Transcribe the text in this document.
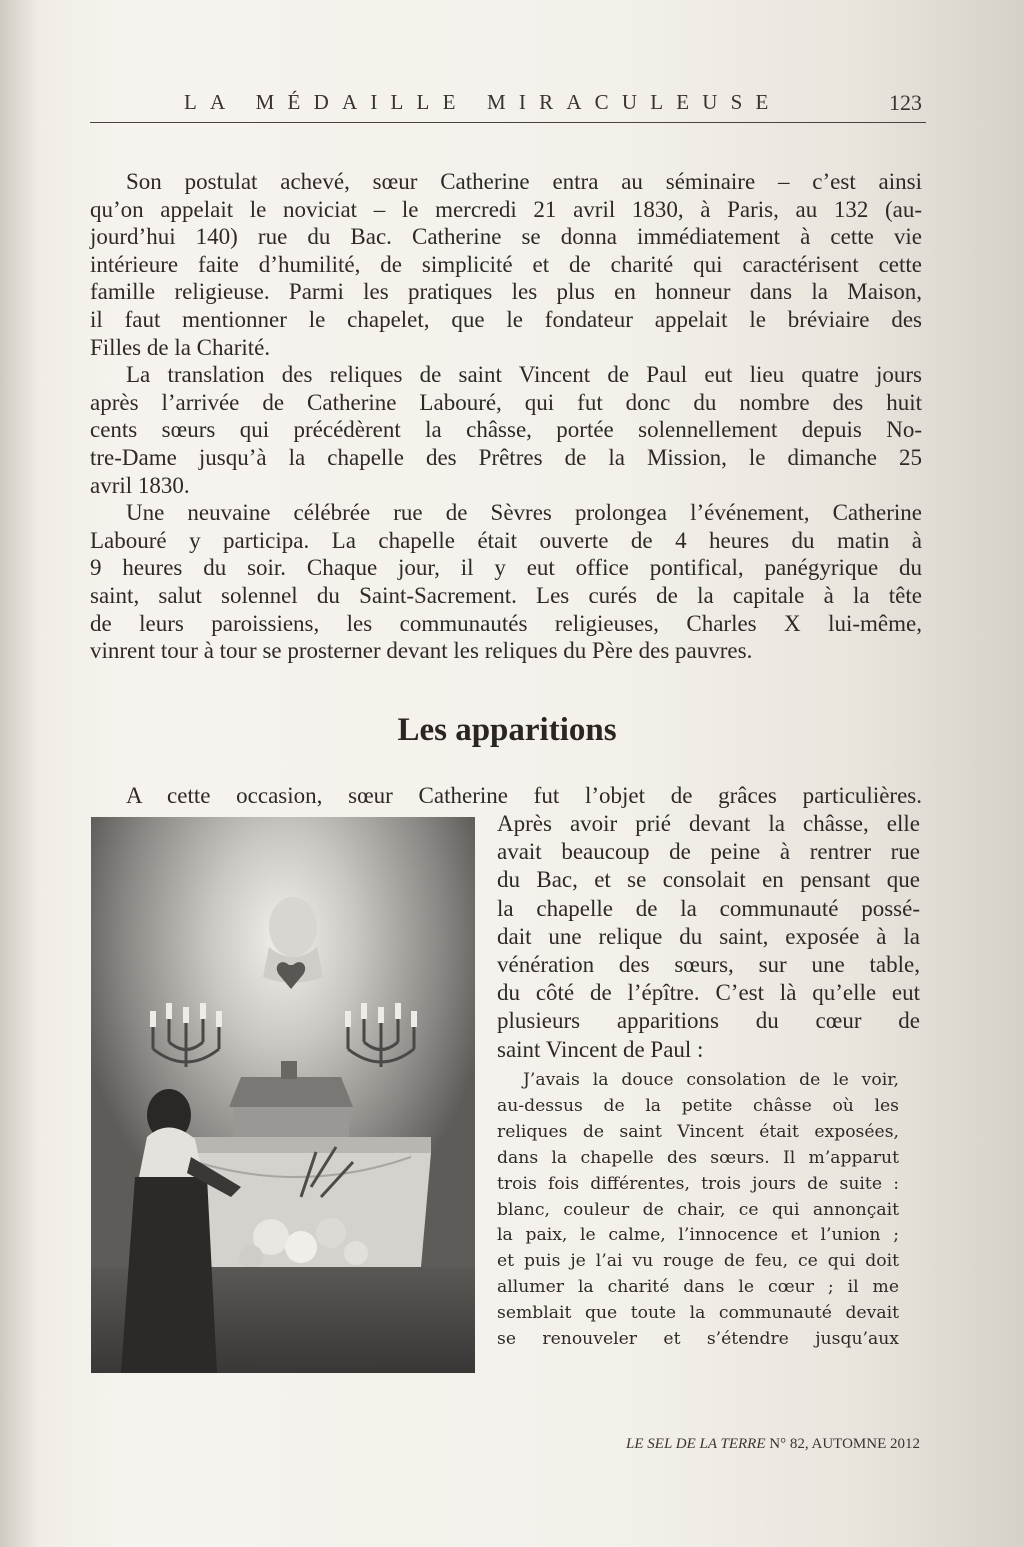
LA MÉDAILLE MIRACULEUSE	123

Son postulat achevé, sœur Catherine entra au séminaire – c’est ainsi
qu’on appelait le noviciat – le mercredi 21 avril 1830, à Paris, au 132 (au-
jourd’hui 140) rue du Bac. Catherine se donna immédiatement à cette vie
intérieure faite d’humilité, de simplicité et de charité qui caractérisent cette
famille religieuse. Parmi les pratiques les plus en honneur dans la Maison,
il faut mentionner le chapelet, que le fondateur appelait le bréviaire des
Filles de la Charité.

La translation des reliques de saint Vincent de Paul eut lieu quatre jours
après l’arrivée de Catherine Labouré, qui fut donc du nombre des huit
cents sœurs qui précédèrent la châsse, portée solennellement depuis No-
tre-Dame jusqu’à la chapelle des Prêtres de la Mission, le dimanche 25
avril 1830.

Une neuvaine célébrée rue de Sèvres prolongea l’événement, Catherine
Labouré y participa. La chapelle était ouverte de 4 heures du matin à
9 heures du soir. Chaque jour, il y eut office pontifical, panégyrique du
saint, salut solennel du Saint-Sacrement. Les curés de la capitale à la tête
de leurs paroissiens, les communautés religieuses, Charles X lui-même,
vinrent tour à tour se prosterner devant les reliques du Père des pauvres.

Les apparitions
A cette occasion, sœur Catherine fut l’objet de grâces particulières.
Après avoir prié devant la châsse, elle
avait beaucoup de peine à rentrer rue
du Bac, et se consolait en pensant que
la chapelle de la communauté possé-
dait une relique du saint, exposée à la
vénération des sœurs, sur une table,
du côté de l’épître. C’est là qu’elle eut
plusieurs apparitions du cœur de
saint Vincent de Paul :
J’avais la douce consolation de le voir,
au-dessus de la petite châsse où les
reliques de saint Vincent était exposées,
dans la chapelle des sœurs. Il m’apparut
trois fois différentes, trois jours de suite :
blanc, couleur de chair, ce qui annonçait
la paix, le calme, l’innocence et l’union ;
et puis je l’ai vu rouge de feu, ce qui doit
allumer la charité dans le cœur ; il me
semblait que toute la communauté devait
se renouveler et s’étendre jusqu’aux
LE SEL DE LA TERRE N° 82, AUTOMNE 2012
